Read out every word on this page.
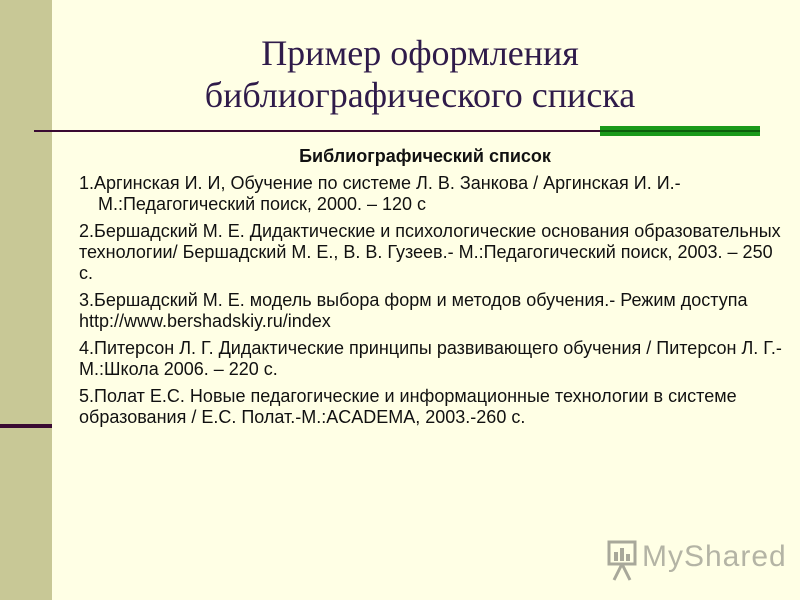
Пример оформления
библиографического списка
Библиографический список

1.Аргинская И. И, Обучение по системе Л. В. Занкова / Аргинская И. И.- М.:Педагогический поиск, 2000. – 120 с

2.Бершадский М. Е. Дидактические и психологические основания образовательных технологии/ Бершадский М. Е., В. В. Гузеев.- М.:Педагогический поиск, 2003. – 250 с.

3.Бершадский М. Е. модель выбора форм и методов обучения.- Режим доступа http://www.bershadskiy.ru/index

4.Питерсон Л. Г. Дидактические принципы развивающего обучения / Питерсон Л. Г.-М.:Школа 2006. – 220 с.

5.Полат Е.С. Новые педагогические и информационные технологии в системе образования / Е.С. Полат.-М.:ACADEMA, 2003.-260 с.

MyShared
